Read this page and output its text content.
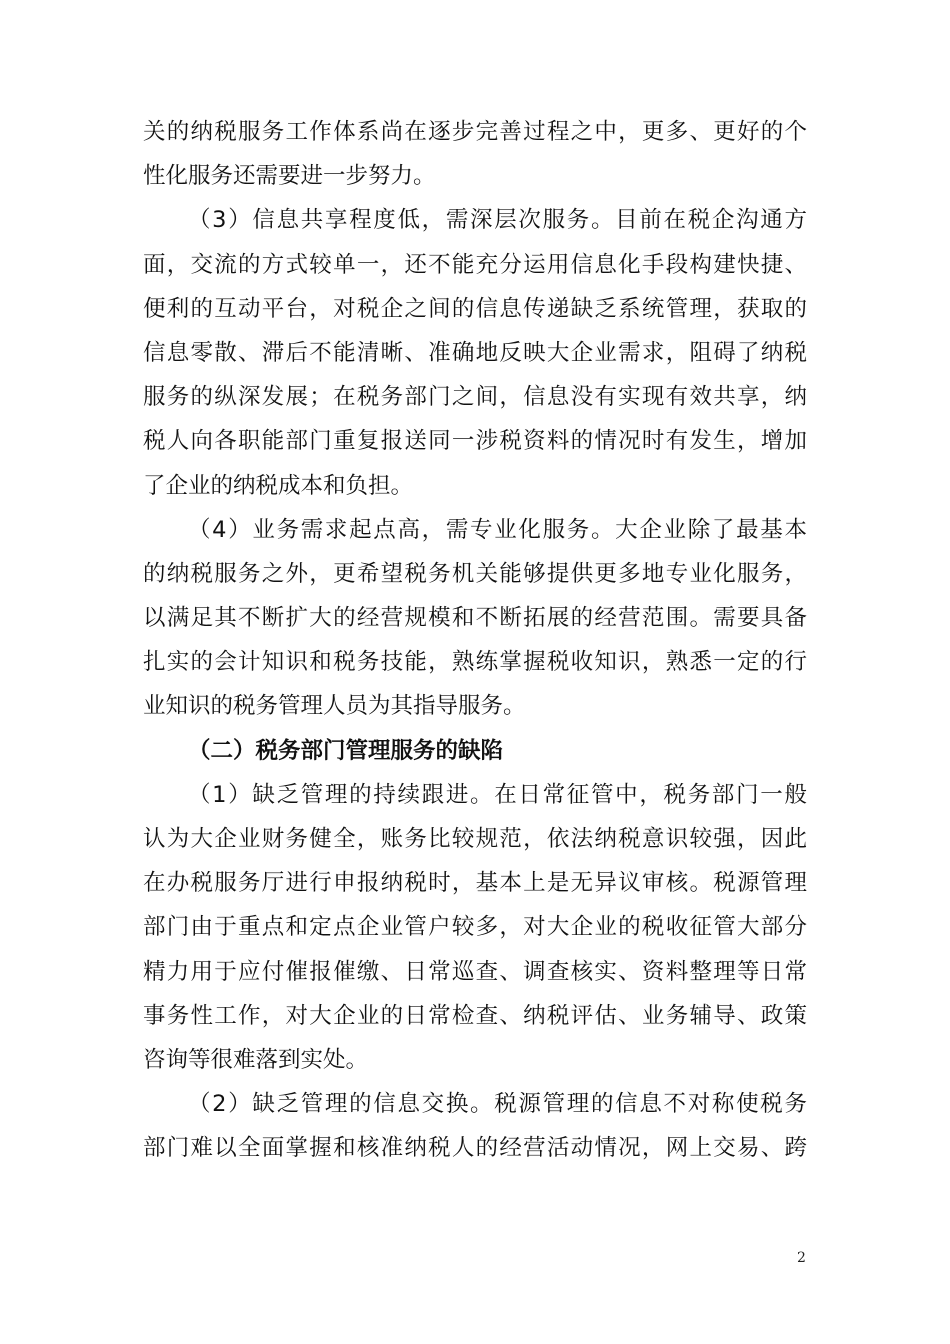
关的纳税服务工作体系尚在逐步完善过程之中，更多、更好的个
性化服务还需要进一步努力。
（3）信息共享程度低，需深层次服务。目前在税企沟通方
面，交流的方式较单一，还不能充分运用信息化手段构建快捷、
便利的互动平台，对税企之间的信息传递缺乏系统管理，获取的
信息零散、滞后不能清晰、准确地反映大企业需求，阻碍了纳税
服务的纵深发展；在税务部门之间，信息没有实现有效共享，纳
税人向各职能部门重复报送同一涉税资料的情况时有发生，增加
了企业的纳税成本和负担。
（4）业务需求起点高，需专业化服务。大企业除了最基本
的纳税服务之外，更希望税务机关能够提供更多地专业化服务，
以满足其不断扩大的经营规模和不断拓展的经营范围。需要具备
扎实的会计知识和税务技能，熟练掌握税收知识，熟悉一定的行
业知识的税务管理人员为其指导服务。
（二）税务部门管理服务的缺陷
（1）缺乏管理的持续跟进。在日常征管中，税务部门一般
认为大企业财务健全，账务比较规范，依法纳税意识较强，因此
在办税服务厅进行申报纳税时，基本上是无异议审核。税源管理
部门由于重点和定点企业管户较多，对大企业的税收征管大部分
精力用于应付催报催缴、日常巡查、调查核实、资料整理等日常
事务性工作，对大企业的日常检查、纳税评估、业务辅导、政策
咨询等很难落到实处。
（2）缺乏管理的信息交换。税源管理的信息不对称使税务
部门难以全面掌握和核准纳税人的经营活动情况，网上交易、跨
2
